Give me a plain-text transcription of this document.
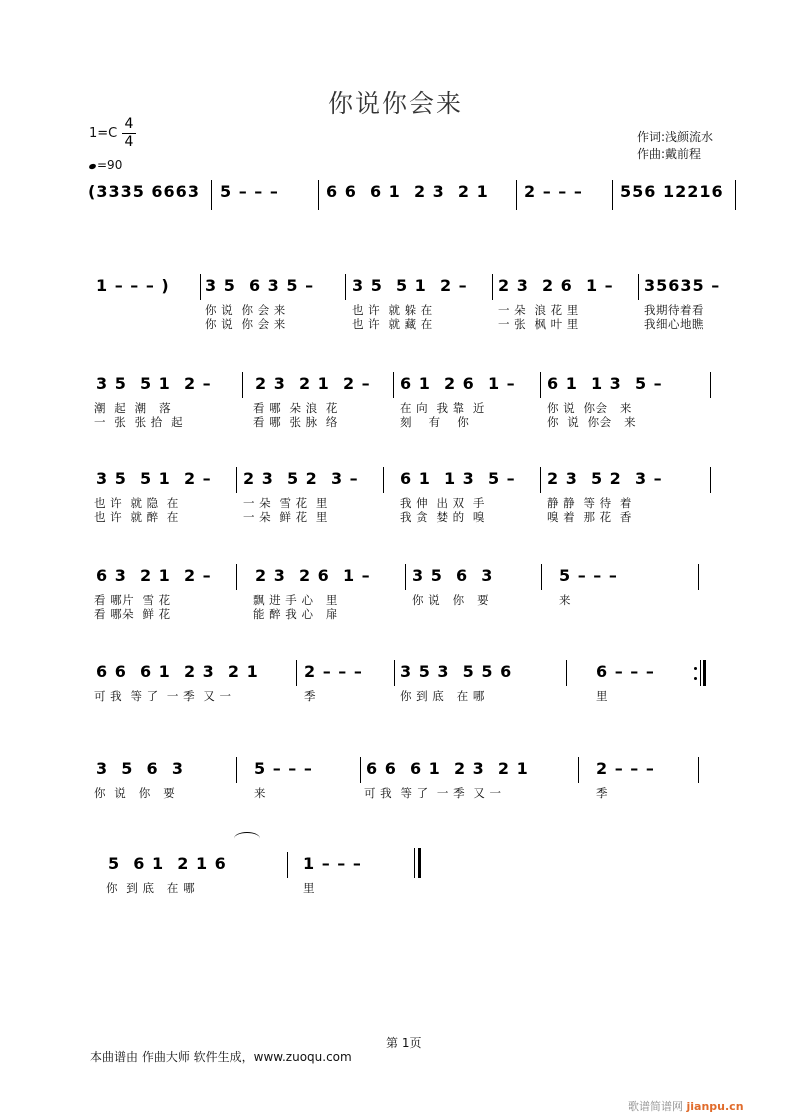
你说你会来
1=C
4
4
=90
作词:浅颜流水
作曲:戴前程
(3335 6663 5 – – –	6 6  6 1  2 3  2 1 2 – – – 556 12216
1 – – – ) 3 5  6 3 5 –
你 说  你 会 来
你 说  你 会 来
3 5  5 1  2 –
也 许  就 躲 在
也 许  就 藏 在
2 3  2 6  1 –
一 朵  浪 花 里
一 张  枫 叶 里
35635 –
我期待着看
我细心地瞧
3 5  5 1  2 –
潮  起  潮   落
一  张  张 拾  起
2 3  2 1  2 –
看 哪  朵 浪  花
看 哪  张 脉  络
6 1  2 6  1 –
在 向  我 靠  近
刻    有    你
6 1  1 3  5 –
你 说  你会   来
你  说  你会   来
3 5  5 1  2 –
也 许  就 隐  在
也 许  就 醉  在
2 3  5 2  3 –
一 朵  雪 花  里
一 朵  鲜 花  里
6 1  1 3  5 –
我 伸  出 双  手
我 贪  婪 的  嗅
2 3  5 2  3 –
静 静  等 待  着
嗅 着  那 花  香
6 3  2 1  2 –
看 哪片  雪 花
看 哪朵  鲜 花
2 3  2 6  1 –
飘 进 手 心   里
能 醉 我 心   扉
3 5  6  3
你 说   你   要
5 – – –
来
6 6  6 1  2 3  2 1
可 我  等 了  一 季  又 一
2 – – –
季
3 5 3  5 5 6
你 到 底   在 哪
6 – – –
里
3  5  6  3
你  说   你   要
5 – – –
来
6 6  6 1  2 3  2 1
可 我  等 了  一 季  又 一
2 – – –
季
5  6 1  2 1 6
你  到 底   在 哪
1 – – –
里
第 1页
本曲谱由 作曲大师 软件生成，www.zuoqu.com
歌谱简谱网 jianpu.cn
